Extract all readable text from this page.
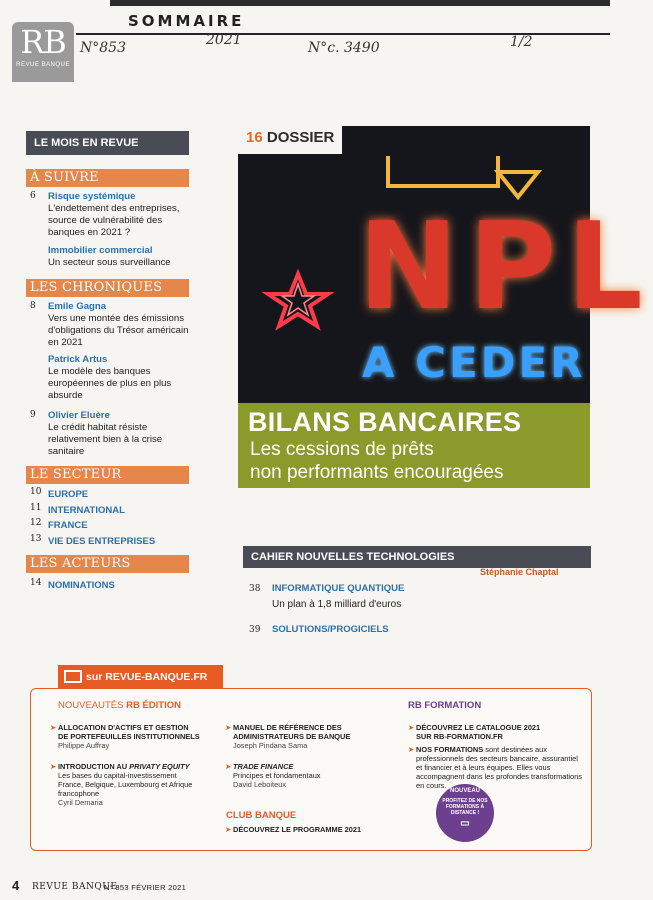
SOMMAIRE
RB
REVUE BANQUE
N°853	2021	N°c. 3490	1/2
LE MOIS EN REVUE
À SUIVRE
6 Risque systémique
L'endettement des entreprises, source de vulnérabilité des banques en 2021 ?
Immobilier commercial
Un secteur sous surveillance
LES CHRONIQUES
8 Emile Gagna
Vers une montée des émissions d'obligations du Trésor américain en 2021
Patrick Artus
Le modèle des banques européennes de plus en plus absurde
9 Olivier Eluère
Le crédit habitat résiste relativement bien à la crise sanitaire
LE SECTEUR
10 EUROPE
11 INTERNATIONAL
12 FRANCE
13 VIE DES ENTREPRISES
LES ACTEURS
14 NOMINATIONS
NPL
A CEDER
16 DOSSIER
BILANS BANCAIRES

Les cessions de prêts

non performants encouragées

CAHIER NOUVELLES TECHNOLOGIES
Stéphanie Chaptal
38 INFORMATIQUE QUANTIQUE
Un plan à 1,8 milliard d'euros
39 SOLUTIONS/PROGICIELS
sur REVUE-BANQUE.FR
NOUVEAUTÉS RB ÉDITION	RB FORMATION
➤ ALLOCATION D'ACTIFS ET GESTION
DE PORTEFEUILLES INSTITUTIONNELS
Philippe Auffray
➤ INTRODUCTION AU PRIVATY EQUITY
Les bases du capital-investissement
France, Belgique, Luxembourg et Afrique francophone
Cyril Demaria
➤ MANUEL DE RÉFÉRENCE DES
ADMINISTRATEURS DE BANQUE
Joseph Pindana Sama
➤ TRADE FINANCE
Principes et fondamentaux
David Leboiteux
CLUB BANQUE
➤ DÉCOUVREZ LE PROGRAMME 2021
➤ DÉCOUVREZ LE CATALOGUE 2021
SUR RB-FORMATION.FR
➤ NOS FORMATIONS sont destinées aux professionnels des secteurs bancaire, assurantiel et financier et à leurs équipes. Elles vous accompagnent dans les profondes transformations en cours.
NOUVEAU
PROFITEZ DE NOS FORMATIONS À DISTANCE !
▭
4 REVUE BANQUE
N° 853 FÉVRIER 2021
